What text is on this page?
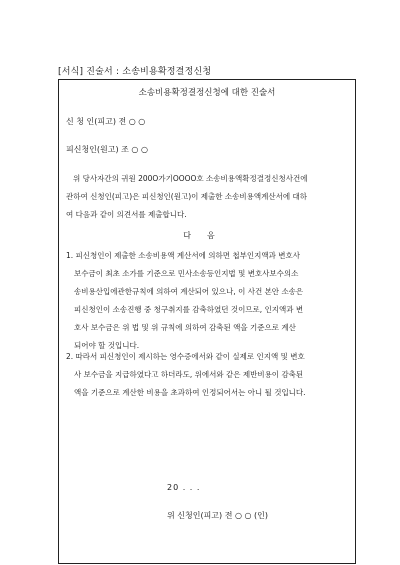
[서식] 진술서 : 소송비용확정결정신청
소송비용확정결정신청에 대한 진술서
신 청 인(피고) 전 ○ ○
피신청인(원고) 조 ○ ○
위 당사자간의 귀원 200O가기OOOO호 소송비용액확정결정신청사건에
관하여 신청인(피고)은 피신청인(원고)이 제출한 소송비용액계산서에 대하
여 다음과 같이 의견서를 제출합니다.
다음
1. 피신청인이 제출한 소송비용액 계산서에 의하면 첩부인지액과 변호사
보수금이 최초 소가를 기준으로 민사소송등인지법 및 변호사보수의소
송비용산입에관한규칙에 의하여 계산되어 있으나, 이 사건 본안 소송은
피신청인이 소송진행 중 청구취지를 감축하였던 것이므로, 인지액과 변
호사 보수금은 위 법 및 위 규칙에 의하여 감축된 액을 기준으로 계산
되어야 할 것입니다.
2. 따라서 피신청인이 제시하는 영수증에서와 같이 실제로 인지액 및 변호
사 보수금을 지급하였다고 하더라도, 위에서와 같은 제반비용이 감축된
액을 기준으로 계산한 비용을 초과하여 인정되어서는 아니 될 것입니다.
20 . . .
위 신청인(피고) 전 ○ ○ (인)
